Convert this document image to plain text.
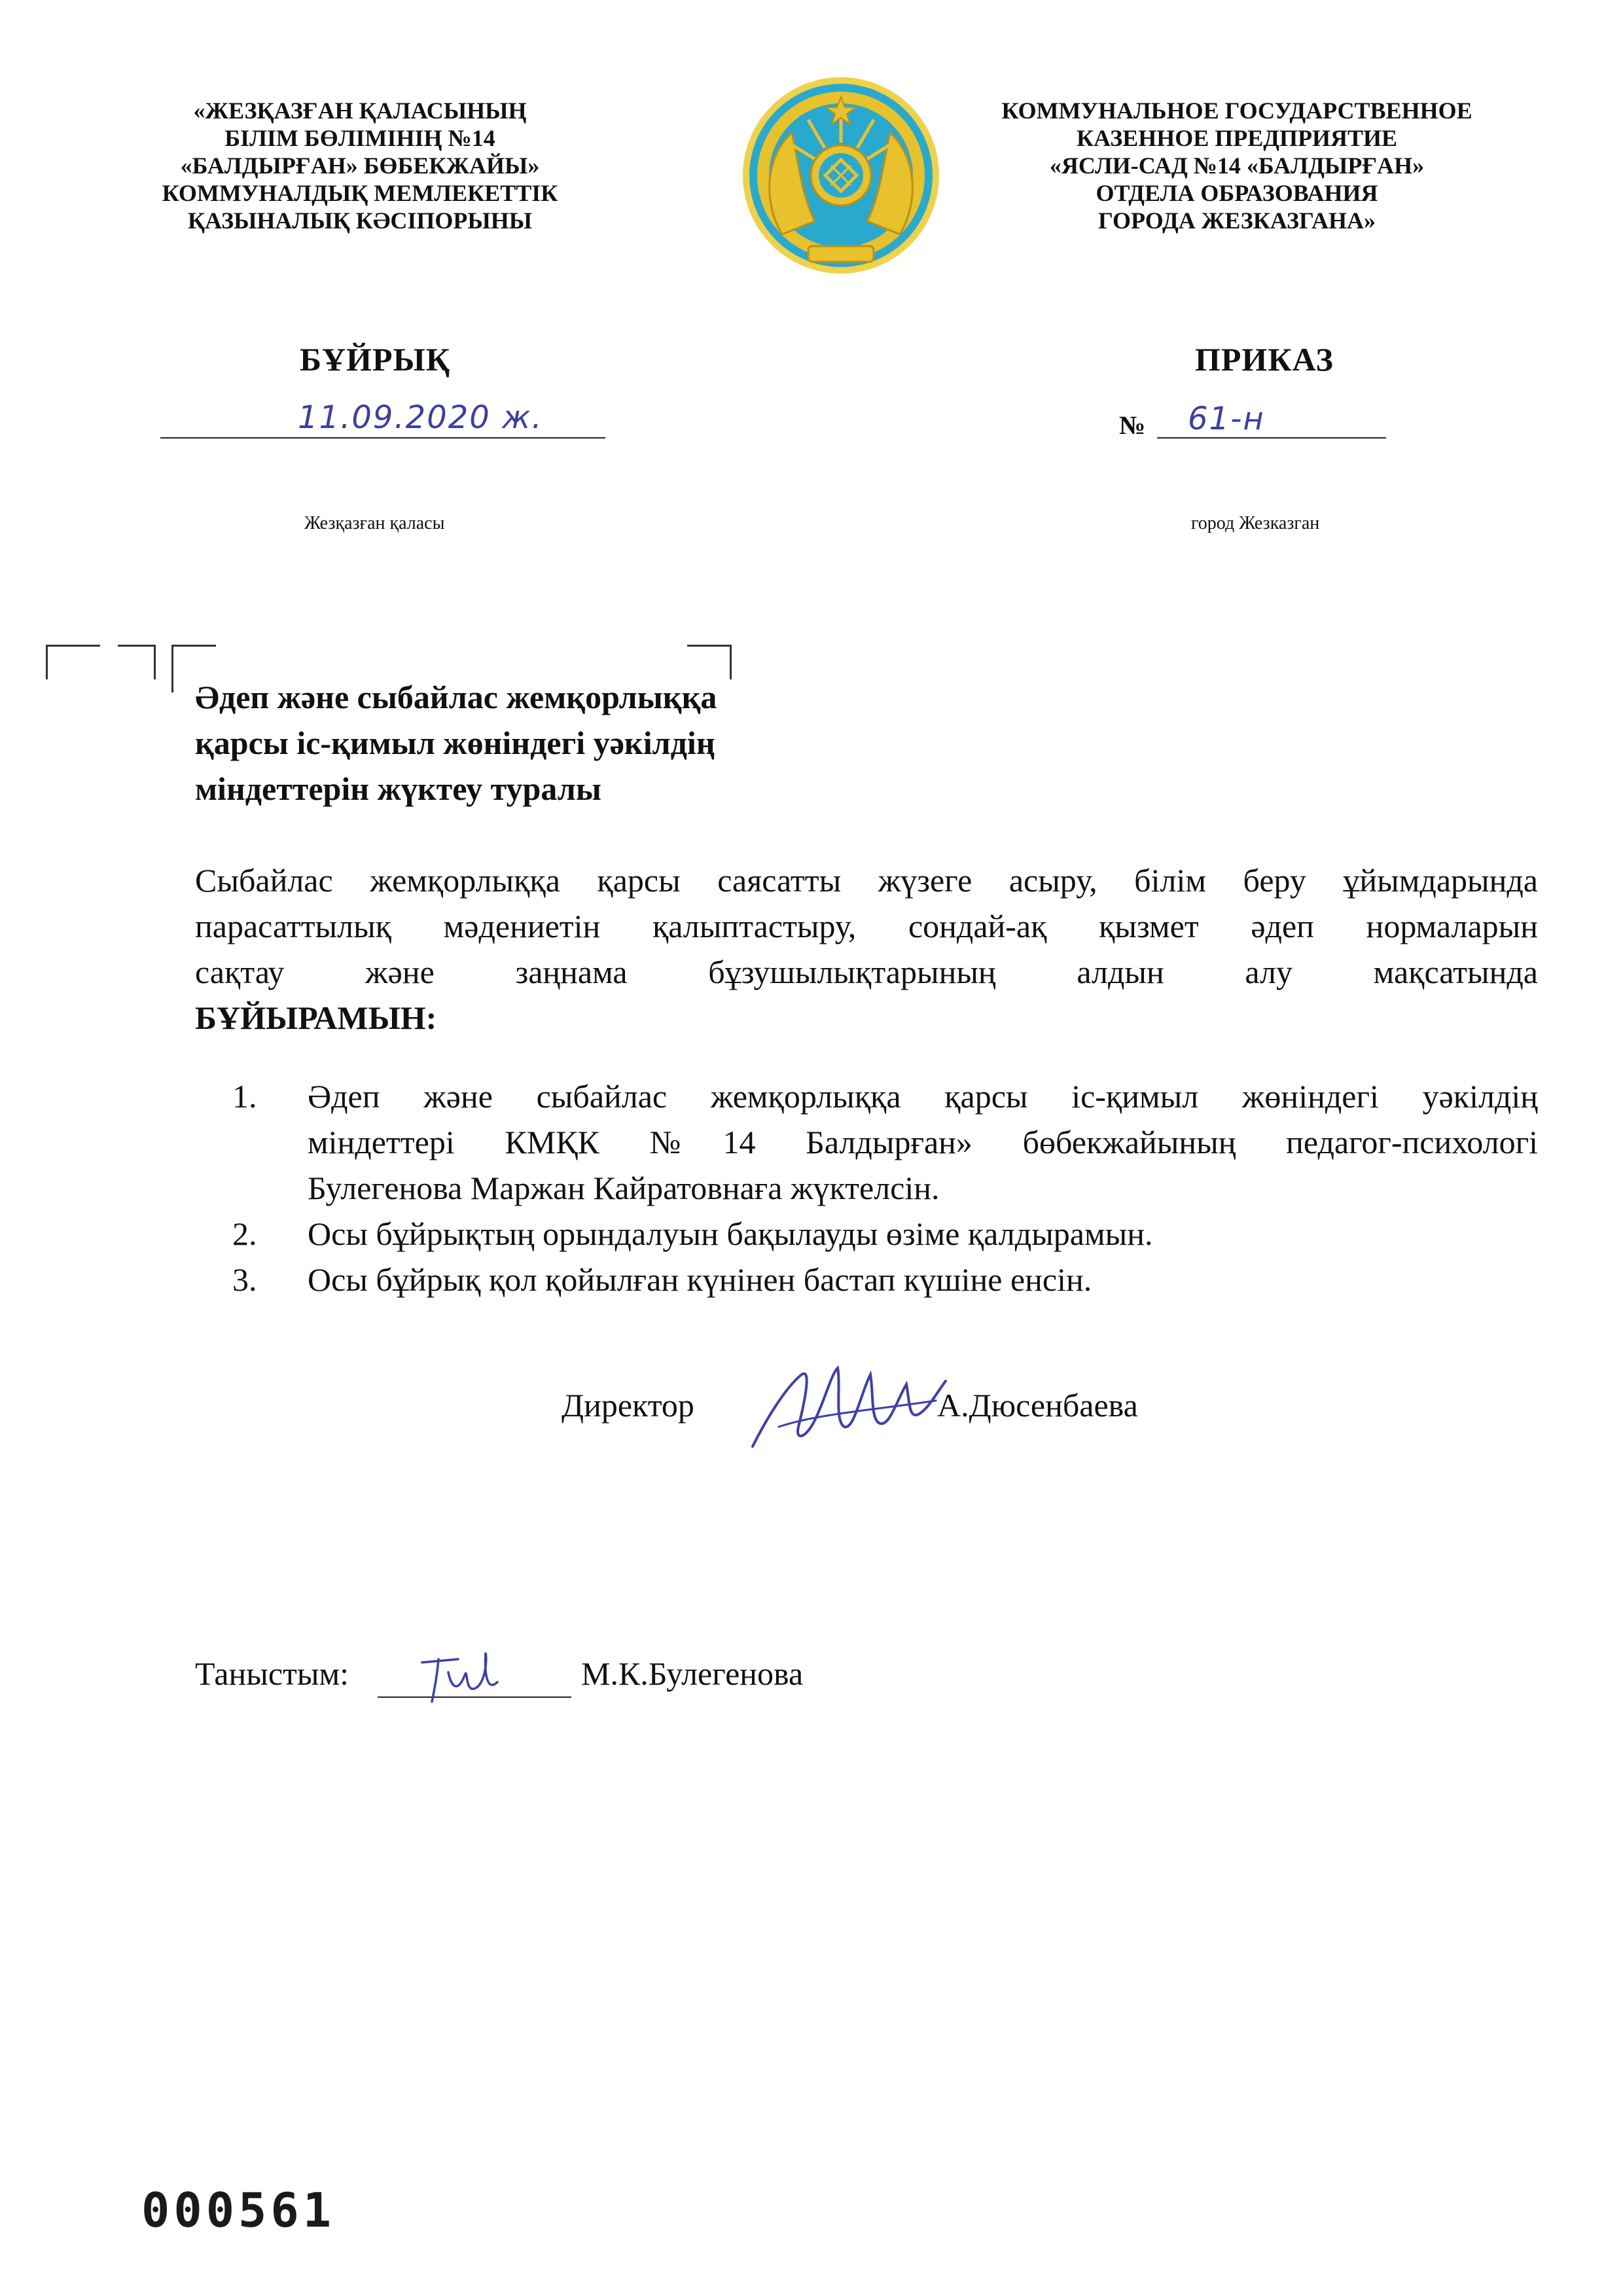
«ЖЕЗҚАЗҒАН ҚАЛАСЫНЫҢ
БІЛІМ БӨЛІМІНІҢ №14
«БАЛДЫРҒАН» БӨБЕКЖАЙЫ»
КОММУНАЛДЫҚ МЕМЛЕКЕТТІК
ҚАЗЫНАЛЫҚ КӘСІПОРЫНЫ
КОММУНАЛЬНОЕ ГОСУДАРСТВЕННОЕ
КАЗЕННОЕ ПРЕДПРИЯТИЕ
«ЯСЛИ-САД №14 «БАЛДЫРҒАН»
ОТДЕЛА ОБРАЗОВАНИЯ
ГОРОДА ЖЕЗКАЗГАНА»
БҰЙРЫҚ	ПРИКАЗ
11.09.2020 ж.	№ 61-н
Жезқазған қаласы	город Жезказган
Әдеп және сыбайлас жемқорлыққа
қарсы іс-қимыл жөніндегі уәкілдің
міндеттерін жүктеу туралы
Сыбайлас жемқорлыққа қарсы саясатты жүзеге асыру, білім беру ұйымдарында
парасаттылық мәдениетін қалыптастыру, сондай-ақ қызмет әдеп нормаларын
сақтау және заңнама бұзушылықтарының алдын алу мақсатында
БҰЙЫРАМЫН:
1. Әдеп және сыбайлас жемқорлыққа қарсы іс-қимыл жөніндегі уәкілдің
міндеттері КМҚК №14 Балдырған» бөбекжайының педагог-психологі
Булегенова Маржан Кайратовнаға жүктелсін.
2. Осы бұйрықтың орындалуын бақылауды өзіме қалдырамын.
3. Осы бұйрық қол қойылған күнінен бастап күшіне енсін.
Директор	А.Дюсенбаева
Таныстым:	М.К.Булегенова
000561
